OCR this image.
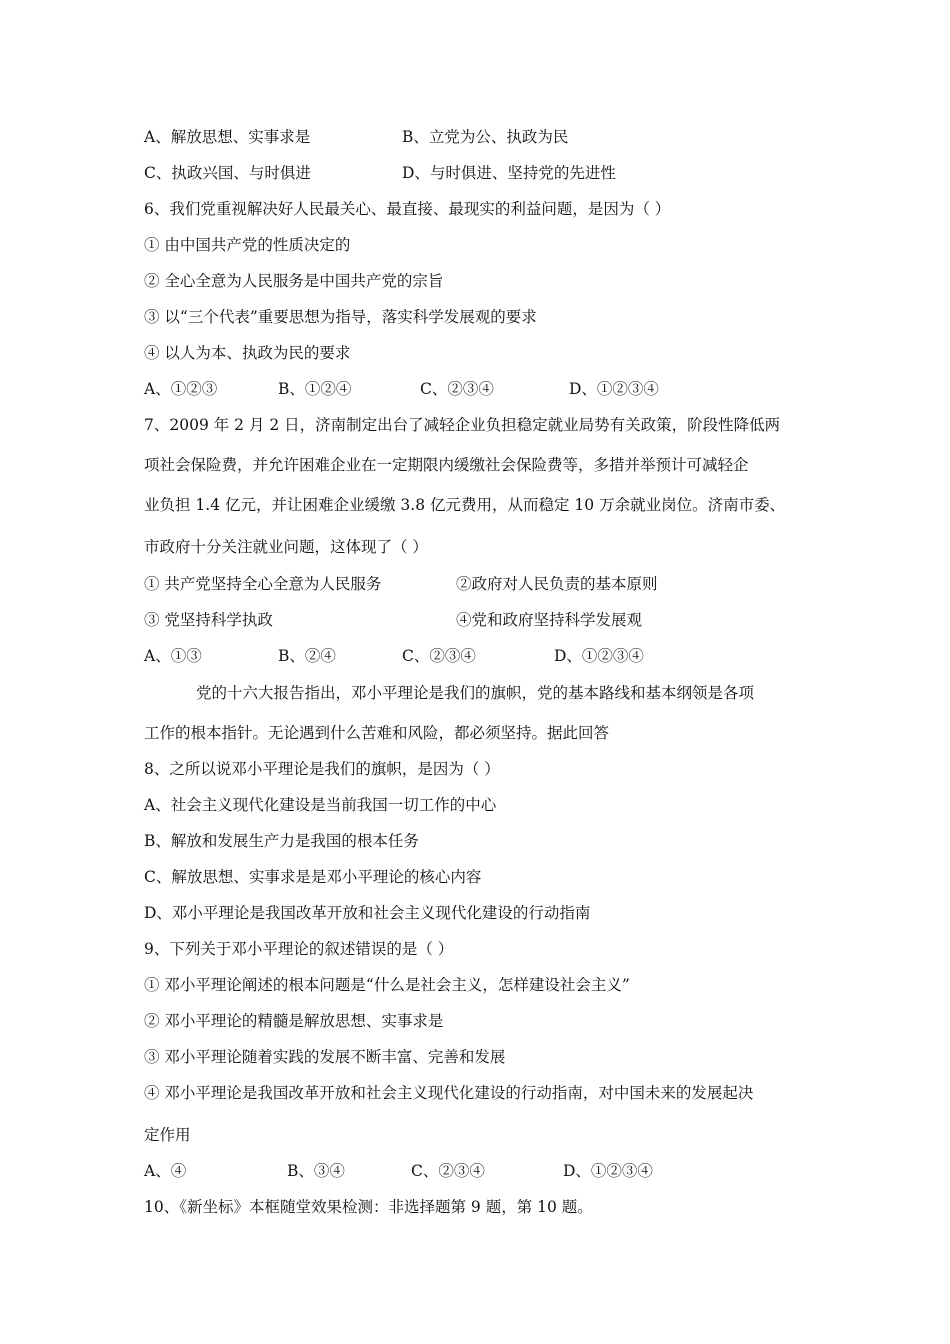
A、解放思想、实事求是	B、立党为公、执政为民
C、执政兴国、与时俱进	D、与时俱进、坚持党的先进性
6、我们党重视解决好人民最关心、最直接、最现实的利益问题，是因为（ ）
① 由中国共产党的性质决定的
② 全心全意为人民服务是中国共产党的宗旨
③ 以“三个代表”重要思想为指导，落实科学发展观的要求
④ 以人为本、执政为民的要求
A、①②③	B、①②④	C、②③④	D、①②③④
7、2009 年 2 月 2 日，济南制定出台了减轻企业负担稳定就业局势有关政策，阶段性降低两
项社会保险费，并允许困难企业在一定期限内缓缴社会保险费等，多措并举预计可减轻企
业负担 1.4 亿元，并让困难企业缓缴 3.8 亿元费用，从而稳定 10 万余就业岗位。济南市委、
市政府十分关注就业问题，这体现了（ ）
① 共产党坚持全心全意为人民服务	②政府对人民负责的基本原则
③ 党坚持科学执政	④党和政府坚持科学发展观
A、①③	B、②④	C、②③④	D、①②③④
党的十六大报告指出，邓小平理论是我们的旗帜，党的基本路线和基本纲领是各项
工作的根本指针。无论遇到什么苦难和风险，都必须坚持。据此回答
8、之所以说邓小平理论是我们的旗帜，是因为（ ）
A、社会主义现代化建设是当前我国一切工作的中心
B、解放和发展生产力是我国的根本任务
C、解放思想、实事求是是邓小平理论的核心内容
D、邓小平理论是我国改革开放和社会主义现代化建设的行动指南
9、下列关于邓小平理论的叙述错误的是（ ）
① 邓小平理论阐述的根本问题是“什么是社会主义，怎样建设社会主义”
② 邓小平理论的精髓是解放思想、实事求是
③ 邓小平理论随着实践的发展不断丰富、完善和发展
④ 邓小平理论是我国改革开放和社会主义现代化建设的行动指南，对中国未来的发展起决
定作用
A、④	B、③④	C、②③④	D、①②③④
10、《新坐标》本框随堂效果检测：非选择题第 9 题，第 10 题。
